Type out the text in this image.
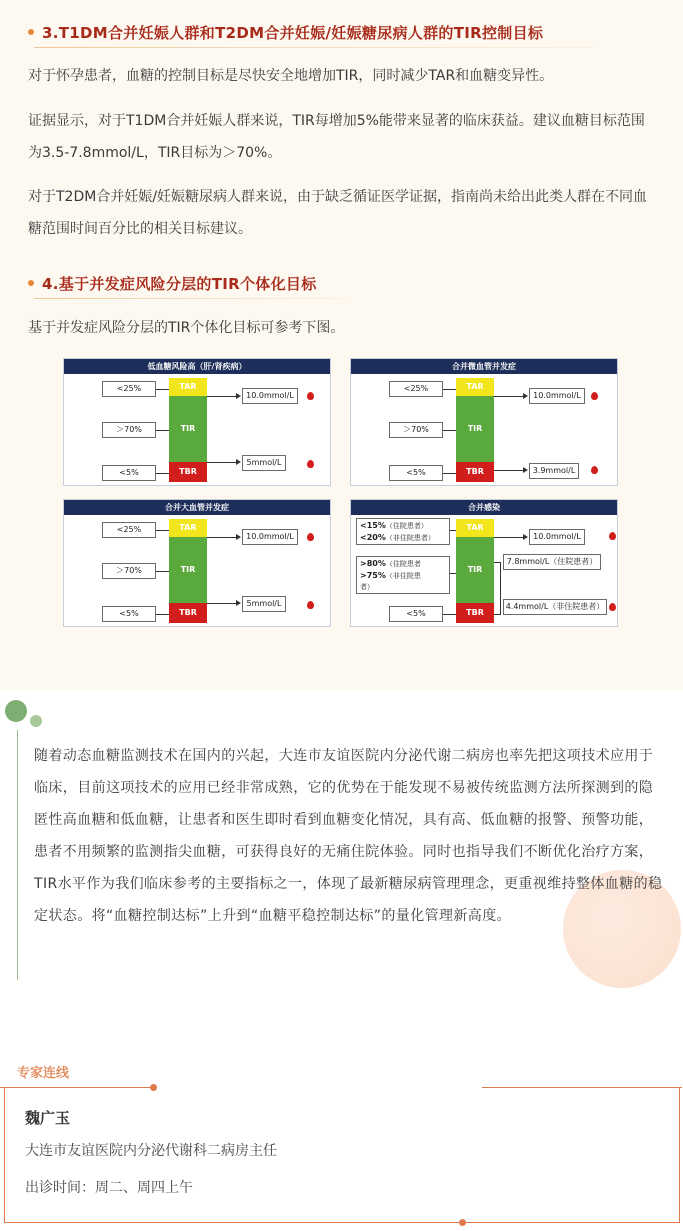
3.T1DM合并妊娠人群和T2DM合并妊娠/妊娠糖尿病人群的TIR控制目标
对于怀孕患者，血糖的控制目标是尽快安全地增加TIR，同时减少TAR和血糖变异性。
证据显示，对于T1DM合并妊娠人群来说，TIR每增加5%能带来显著的临床获益。建议血糖目标范围为3.5-7.8mmol/L，TIR目标为＞70%。
对于T2DM合并妊娠/妊娠糖尿病人群来说，由于缺乏循证医学证据，指南尚未给出此类人群在不同血糖范围时间百分比的相关目标建议。
4.基于并发症风险分层的TIR个体化目标
基于并发症风险分层的TIR个体化目标可参考下图。
低血糖风险高（肝/肾疾病）
<25%
＞70%
<5%
TAR
TIR
TBR
10.0mmol/L
5mmol/L
合并微血管并发症
<25%
＞70%
<5%
TAR
TIR
TBR
10.0mmol/L
3.9mmol/L
合并大血管并发症
<25%
＞70%
<5%
TAR
TIR
TBR
10.0mmol/L
5mmol/L
合并感染
<15%（住院患者）
<20%（非住院患者）
>80%（住院患者
>75%（非住院患
者）
<5%
TAR
TIR
TBR
10.0mmol/L
7.8mmol/L（住院患者）
4.4mmol/L（非住院患者）
随着动态血糖监测技术在国内的兴起，大连市友谊医院内分泌代谢二病房也率先把这项技术应用于临床，目前这项技术的应用已经非常成熟，它的优势在于能发现不易被传统监测方法所探测到的隐匿性高血糖和低血糖，让患者和医生即时看到血糖变化情况，具有高、低血糖的报警、预警功能，患者不用频繁的监测指尖血糖，可获得良好的无痛住院体验。同时也指导我们不断优化治疗方案， TIR水平作为我们临床参考的主要指标之一，体现了最新糖尿病管理理念，更重视维持整体血糖的稳定状态。将“血糖控制达标”上升到“血糖平稳控制达标”的量化管理新高度。
专家连线
魏广玉
大连市友谊医院内分泌代谢科二病房主任
出诊时间：周二、周四上午
